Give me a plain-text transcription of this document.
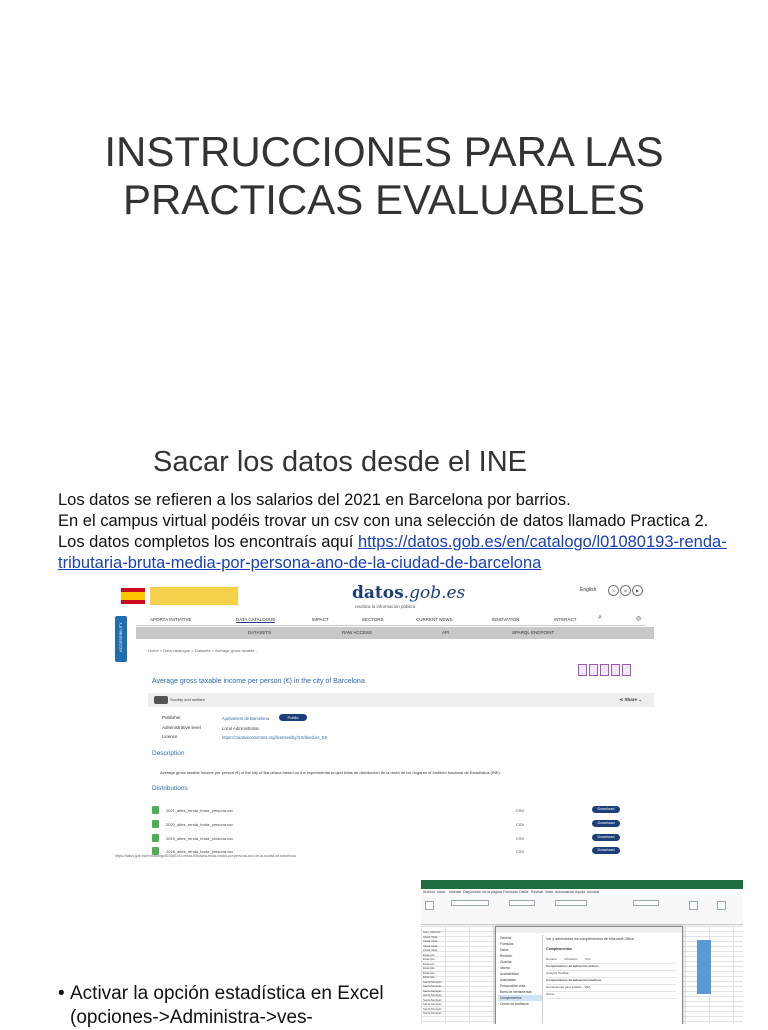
INSTRUCCIONES PARA LAS
PRACTICAS EVALUABLES
Sacar los datos desde el INE
Los datos se refieren a los salarios del 2021 en Barcelona por barrios.
En el campus virtual podéis trovar un csv con una selección de datos llamado Practica 2.
Los datos completos los encontraís aquí https://datos.gob.es/en/catalogo/l01080193-renda-tributaria-bruta-media-por-persona-ano-de-la-ciudad-de-barcelona
ACCESSIBILITY
datos.gob.es
reutiliza la información pública
English	𝕏	in	▶
APORTA INITIATIVE	DATA CATALOGUE	IMPACT	SECTORS	CURRENT NEWS	INNOVATION	INTERACT	⌕	◎
DATASETS	RAW ACCESS	API	SPARQL ENDPOINT
Home > Data catalogue > Datasets > Average gross taxable...
Average gross taxable income per person (€) in the city of Barcelona
Society and welfare	⋖ Share ⌄
Publisher	Ajuntament de Barcelona	Public
Administrative level	Local Administration
Licence	https://creativecommons.org/licenses/by/4.0/deed.es_ES
Description
Average gross taxable income per person (€) in the city of Barcelona based on the experimental project Atlas de distribución de la renta de los hogares of Instituto Nacional de Estadística (INE).
Distributions
2021_atles_renda_bruta_persona.csv	CSV	Download
2020_atles_renda_bruta_persona.csv	CSV	Download
2019_atles_renda_bruta_persona.csv	CSV	Download
2018_atles_renda_bruta_persona.csv	CSV	Download
https://datos.gob.es/en/catalogo/l01080193-renda-tributaria-bruta-media-por-persona-ano-de-la-ciudad-de-barcelona
Archivo Inicio Insertar Disposición de la página Fórmulas Datos Revisar Vista Automatizar Ayuda Acrobat
Nom_Districte
Ciutat Vella
Ciutat Vella
Ciutat Vella
Ciutat Vella
Eixample
Eixample
Eixample
Eixample
Eixample
Eixample
Sants-Montjuïc
Sants-Montjuïc
Sants-Montjuïc
Sants-Montjuïc
Sants-Montjuïc
Sants-Montjuïc
Sants-Montjuïc
Sants-Montjuïc
General
Fórmulas
Datos
Revisión
Guardar
Idioma
Accesibilidad
Avanzadas
Personalizar cinta
Barra de herramientas
Complementos
Centro de confianza
Ver y administrar los complementos de Microsoft Office.
Complementos
Nombre	Ubicación Tipo
Complementos de aplicación activos
Analysis ToolPak
Complementos de aplicación inactivos
Herramientas para análisis - VBA
Solver
• Activar la opción estadística en Excel
(opciones->Administra->ves-
